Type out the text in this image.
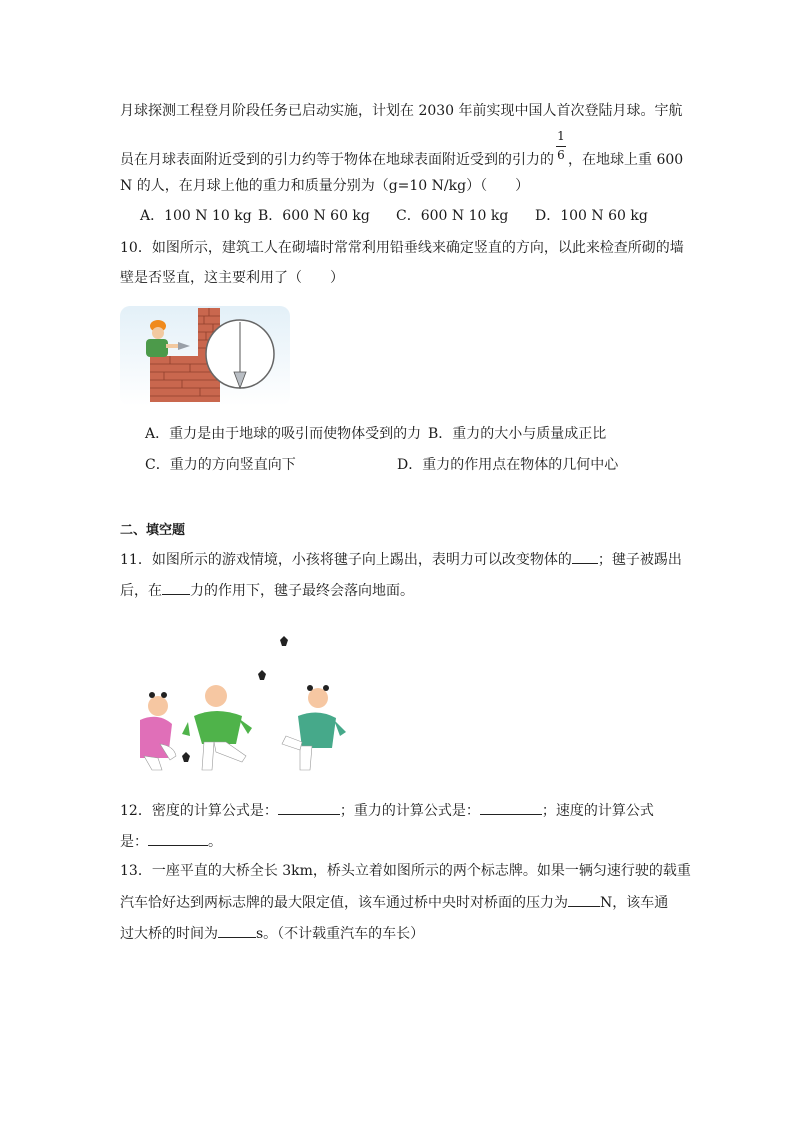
月球探测工程登月阶段任务已启动实施，计划在 2030 年前实现中国人首次登陆月球。宇航
1
6
员在月球表面附近受到的引力约等于物体在地球表面附近受到的引力的 ，在地球上重 600
N 的人，在月球上他的重力和质量分别为（g=10 N/kg）（　　）
A．100 N 10 kg B．600 N 60 kg C．600 N 10 kg D．100 N 60 kg
10．如图所示，建筑工人在砌墙时常常利用铅垂线来确定竖直的方向，以此来检查所砌的墙
壁是否竖直，这主要利用了（　　）
A．重力是由于地球的吸引而使物体受到的力 B．重力的大小与质量成正比
C．重力的方向竖直向下	D．重力的作用点在物体的几何中心
二、填空题
11．如图所示的游戏情境，小孩将毽子向上踢出，表明力可以改变物体的 ；毽子被踢出
后，在 力的作用下，毽子最终会落向地面。
12．密度的计算公式是：	；重力的计算公式是：	；速度的计算公式
是：	。
13．一座平直的大桥全长 3km，桥头立着如图所示的两个标志牌。如果一辆匀速行驶的载重
汽车恰好达到两标志牌的最大限定值，该车通过桥中央时对桥面的压力为 N，该车通
过大桥的时间为	s。（不计载重汽车的车长）
